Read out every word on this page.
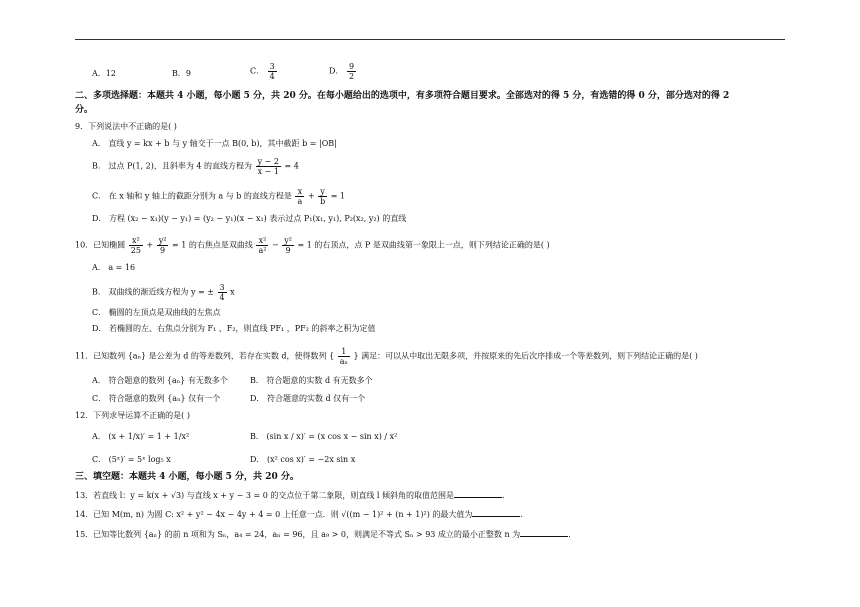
A．12	B．9	C． $\frac{3}{4}$	D． $\frac{9}{2}$
二、多项选择题：本题共 4 小题，每小题 5 分，共 20 分。在每小题给出的选项中，有多项符合题目要求。全部选对的得 5 分，有选错的得 0 分，部分选对的得 2
分。
9．下列说法中不正确的是( )
A． 直线 y = kx + b 与 y 轴交于一点 B(0, b)，其中截距 b = |OB|
B． 过点 P(1, 2)，且斜率为 4 的直线方程为 $\frac{y - 2}{x - 1} = 4$
C． 在 x 轴和 y 轴上的截距分别为 a 与 b 的直线方程是 $\frac{x}{a} + \frac{y}{b} = 1$
D． 方程 (x₂ − x₁)(y − y₁) = (y₂ − y₁)(x − x₁) 表示过点 P₁(x₁, y₁), P₂(x₂, y₂) 的直线
10．已知椭圆 $\frac{\text{x²}}{25} + \frac{\text{y²}}{9} = 1$ 的右焦点是双曲线 $\frac{\text{x²}}{\text{a²}} - \frac{\text{y²}}{9} = 1$ 的右顶点，点 P 是双曲线第一象限上一点，则下列结论正确的是( )
A． a = 16
B． 双曲线的渐近线方程为 y = ± $\frac{3}{4}$ x
C． 椭圆的左顶点是双曲线的左焦点
D． 若椭圆的左、右焦点分别为 F₁ 、F₂，则直线 PF₁ ，PF₂ 的斜率之积为定值
11．已知数列 {aₙ} 是公差为 d 的等差数列，若存在实数 d，使得数列 { $\frac{1}{\text{aₙ}}$ } 满足：可以从中取出无限多项，并按原来的先后次序排成一个等差数列，则下列结论正确的是( )
A． 符合题意的数列 {aₙ} 有无数多个	B． 符合题意的实数 d 有无数多个
C． 符合题意的数列 {aₙ} 仅有一个	D． 符合题意的实数 d 仅有一个
12．下列求导运算不正确的是( )
A． (x + 1/x)′ = 1 + 1/x²	B． (sin x / x)′ = (x cos x − sin x) / x²
C． (5ˣ)′ = 5ˣ log₅ x	D． (x² cos x)′ = −2x sin x
三、填空题：本题共 4 小题，每小题 5 分，共 20 分。
13．若直线 l：y = k(x + √3) 与直线 x + y − 3 = 0 的交点位于第二象限，则直线 l 倾斜角的取值范围是	.
14．已知 M(m, n) 为圆 C: x² + y² − 4x − 4y + 4 = 0 上任意一点．则 √((m − 1)² + (n + 1)²) 的最大值为	.
15．已知等比数列 {aₙ} 的前 n 项和为 Sₙ，a₄ = 24，aₙ = 96，且 a₉ > 0，则满足不等式 Sₙ > 93 成立的最小正整数 n 为	.
